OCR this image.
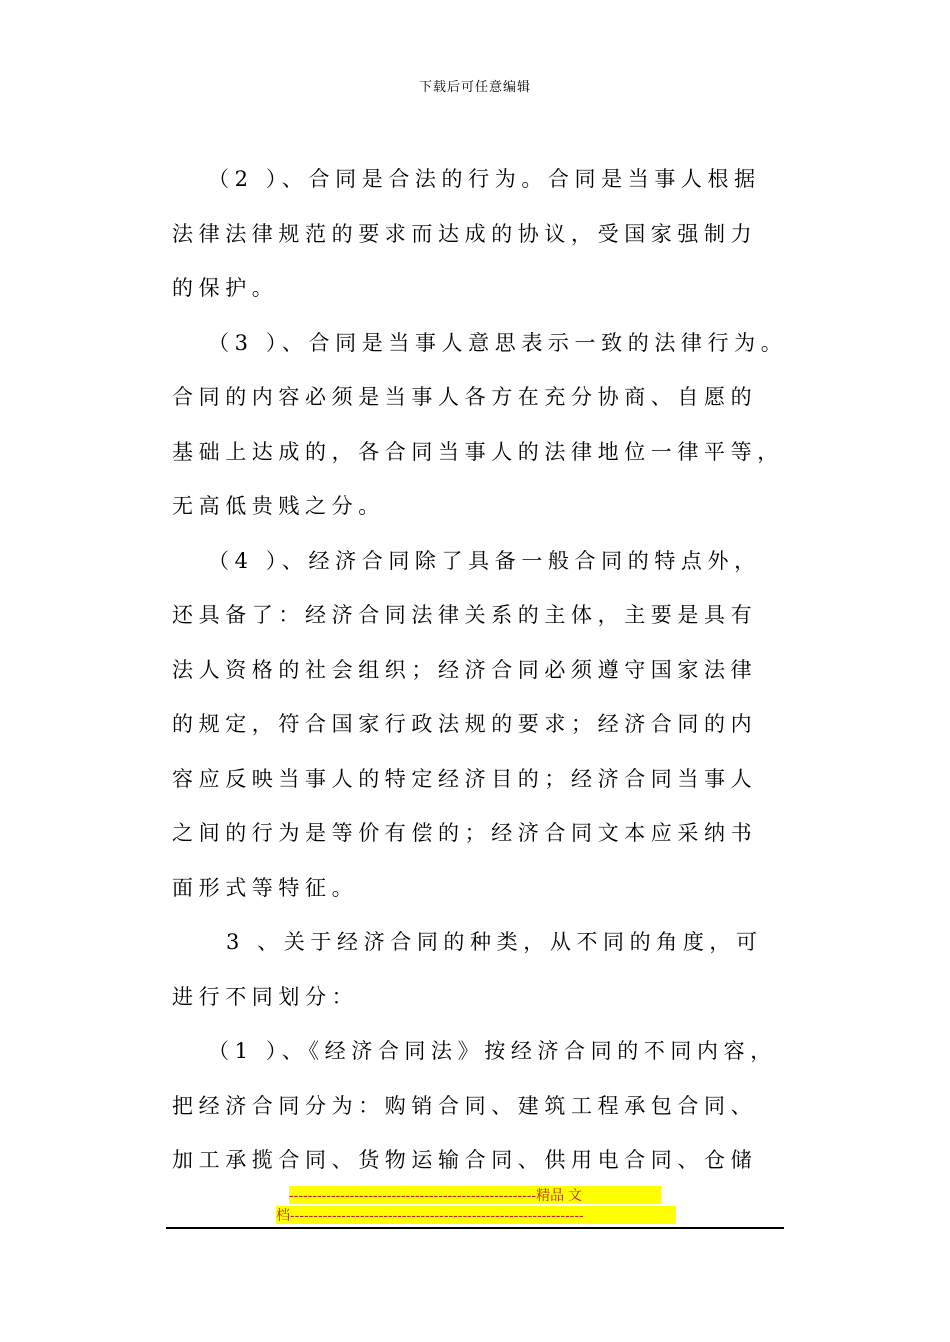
下载后可任意编辑
（2 ）、合同是合法的行为。合同是当事人根据
法律法律规范的要求而达成的协议，受国家强制力
的保护。
（3 ）、合同是当事人意思表示一致的法律行为。
合同的内容必须是当事人各方在充分协商、自愿的
基础上达成的，各合同当事人的法律地位一律平等，
无高低贵贱之分。
（4 ）、经济合同除了具备一般合同的特点外，
还具备了：经济合同法律关系的主体，主要是具有
法人资格的社会组织；经济合同必须遵守国家法律
的规定，符合国家行政法规的要求；经济合同的内
容应反映当事人的特定经济目的；经济合同当事人
之间的行为是等价有偿的；经济合同文本应采纳书
面形式等特征。
3 、关于经济合同的种类，从不同的角度，可
进行不同划分：
（1 ）、《经济合同法》按经济合同的不同内容，
把经济合同分为：购销合同、建筑工程承包合同、
加工承揽合同、货物运输合同、供用电合同、仓储
-----------------------------------------------------精品 文
档---------------------------------------------------------------
